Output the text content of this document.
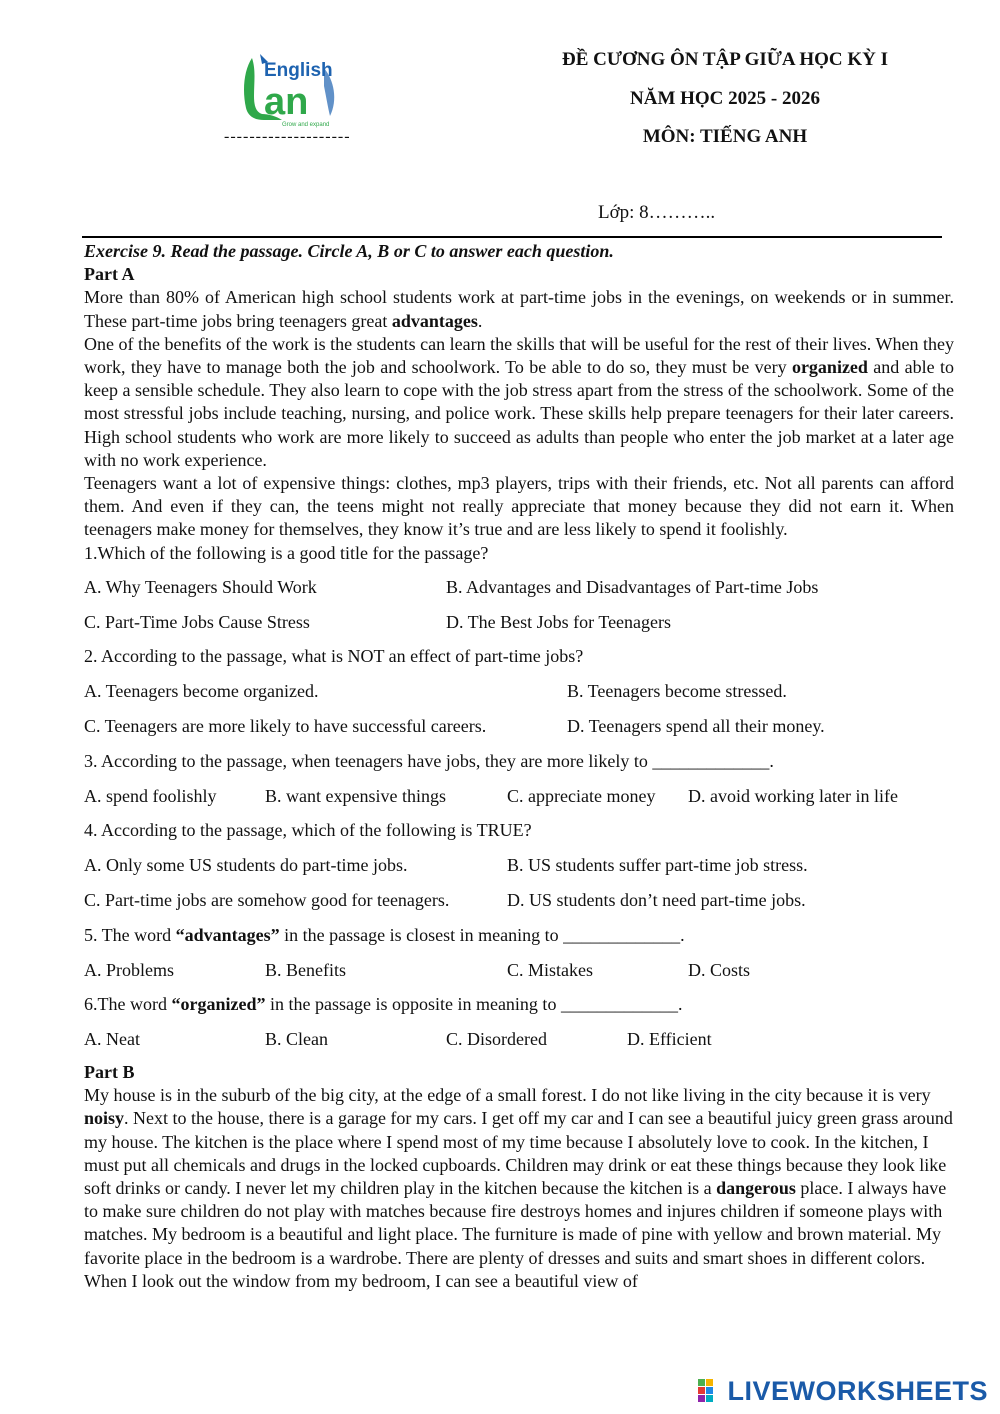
English
an
Grow and expand
--------------------
ĐỀ CƯƠNG ÔN TẬP GIỮA HỌC KỲ I
NĂM HỌC 2025 - 2026
MÔN: TIẾNG ANH
Lớp: 8………..

Exercise 9. Read the passage. Circle A, B or C to answer each question.

Part A

More than 80% of American high school students work at part-time jobs in the evenings, on weekends or in summer. These part-time jobs bring teenagers great advantages.

One of the benefits of the work is the students can learn the skills that will be useful for the rest of their lives. When they work, they have to manage both the job and schoolwork. To be able to do so, they must be very organized and able to keep a sensible schedule. They also learn to cope with the job stress apart from the stress of the schoolwork. Some of the most stressful jobs include teaching, nursing, and police work. These skills help prepare teenagers for their later careers. High school students who work are more likely to succeed as adults than people who enter the job market at a later age with no work experience.

Teenagers want a lot of expensive things: clothes, mp3 players, trips with their friends, etc. Not all parents can afford them. And even if they can, the teens might not really appreciate that money because they did not earn it. When teenagers make money for themselves, they know it’s true and are less likely to spend it foolishly.

1.Which of the following is a good title for the passage?

A. Why Teenagers Should Work	B. Advantages and Disadvantages of Part-time Jobs
C. Part-Time Jobs Cause Stress	D. The Best Jobs for Teenagers
2. According to the passage, what is NOT an effect of part-time jobs?
A. Teenagers become organized.	B. Teenagers become stressed.
C. Teenagers are more likely to have successful careers.	D. Teenagers spend all their money.
3. According to the passage, when teenagers have jobs, they are more likely to _____________.
A. spend foolishly	B. want expensive things	C. appreciate money D. avoid working later in life
4. According to the passage, which of the following is TRUE?
A. Only some US students do part-time jobs.	B. US students suffer part-time job stress.
C. Part-time jobs are somehow good for teenagers.	D. US students don’t need part-time jobs.
5. The word “advantages” in the passage is closest in meaning to _____________.
A. Problems	B. Benefits	C. Mistakes	D. Costs
6.The word “organized” in the passage is opposite in meaning to _____________.
A. Neat	B. Clean	C. Disordered	D. Efficient

Part B

My house is in the suburb of the big city, at the edge of a small forest. I do not like living in the city because it is very noisy. Next to the house, there is a garage for my cars. I get off my car and I can see a beautiful juicy green grass around my house. The kitchen is the place where I spend most of my time because I absolutely love to cook. In the kitchen, I must put all chemicals and drugs in the locked cupboards. Children may drink or eat these things because they look like soft drinks or candy. I never let my children play in the kitchen because the kitchen is a dangerous place. I always have to make sure children do not play with matches because fire destroys homes and injures children if someone plays with matches. My bedroom is a beautiful and light place. The furniture is made of pine with yellow and brown material. My favorite place in the bedroom is a wardrobe. There are plenty of dresses and suits and smart shoes in different colors. When I look out the window from my bedroom, I can see a beautiful view of

LIVEWORKSHEETS
